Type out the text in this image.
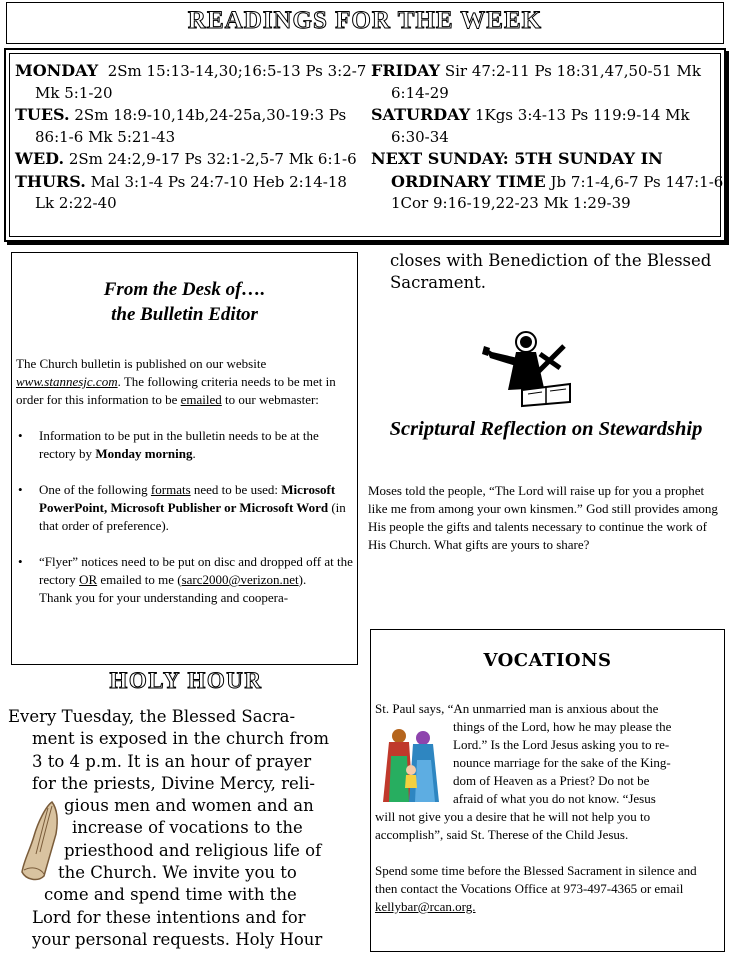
READINGS FOR THE WEEK
MONDAY 2Sm 15:13-14,30;16:5-13 Ps 3:2-7 Mk 5:1-20
TUES. 2Sm 18:9-10,14b,24-25a,30-19:3 Ps 86:1-6 Mk 5:21-43
WED. 2Sm 24:2,9-17 Ps 32:1-2,5-7 Mk 6:1-6
THURS. Mal 3:1-4 Ps 24:7-10 Heb 2:14-18 Lk 2:22-40
FRIDAY Sir 47:2-11 Ps 18:31,47,50-51 Mk 6:14-29
SATURDAY 1Kgs 3:4-13 Ps 119:9-14 Mk 6:30-34
NEXT SUNDAY: 5TH SUNDAY IN ORDINARY TIME Jb 7:1-4,6-7 Ps 147:1-6 1Cor 9:16-19,22-23 Mk 1:29-39
From the Desk of….
the Bulletin Editor
The Church bulletin is published on our website www.stannesjc.com. The following criteria needs to be met in order for this information to be emailed to our webmaster:
• Information to be put in the bulletin needs to be at the rectory by Monday morning.
• One of the following formats need to be used: Microsoft PowerPoint, Microsoft Publisher or Microsoft Word (in that order of preference).
• “Flyer” notices need to be put on disc and dropped off at the rectory OR emailed to me (sarc2000@verizon.net).
Thank you for your understanding and coopera-
closes with Benediction of the Blessed Sacrament.
Scriptural Reflection on Stewardship
Moses told the people, “The Lord will raise up for you a prophet like me from among your own kinsmen.” God still provides among His people the gifts and talents necessary to continue the work of His Church. What gifts are yours to share?
VOCATIONS
St. Paul says, “An unmarried man is anxious about the
things of the Lord, how he may please the
Lord.” Is the Lord Jesus asking you to re-
nounce marriage for the sake of the King-
dom of Heaven as a Priest? Do not be
afraid of what you do not know. “Jesus
will not give you a desire that he will not help you to accomplish”, said St. Therese of the Child Jesus.
Spend some time before the Blessed Sacrament in silence and then contact the Vocations Office at 973-497-4365 or email kellybar@rcan.org.
HOLY HOUR
Every Tuesday, the Blessed Sacra-
ment is exposed in the church from
3 to 4 p.m. It is an hour of prayer
for the priests, Divine Mercy, reli-
gious men and women and an
increase of vocations to the
priesthood and religious life of
the Church. We invite you to
come and spend time with the
Lord for these intentions and for
your personal requests. Holy Hour
